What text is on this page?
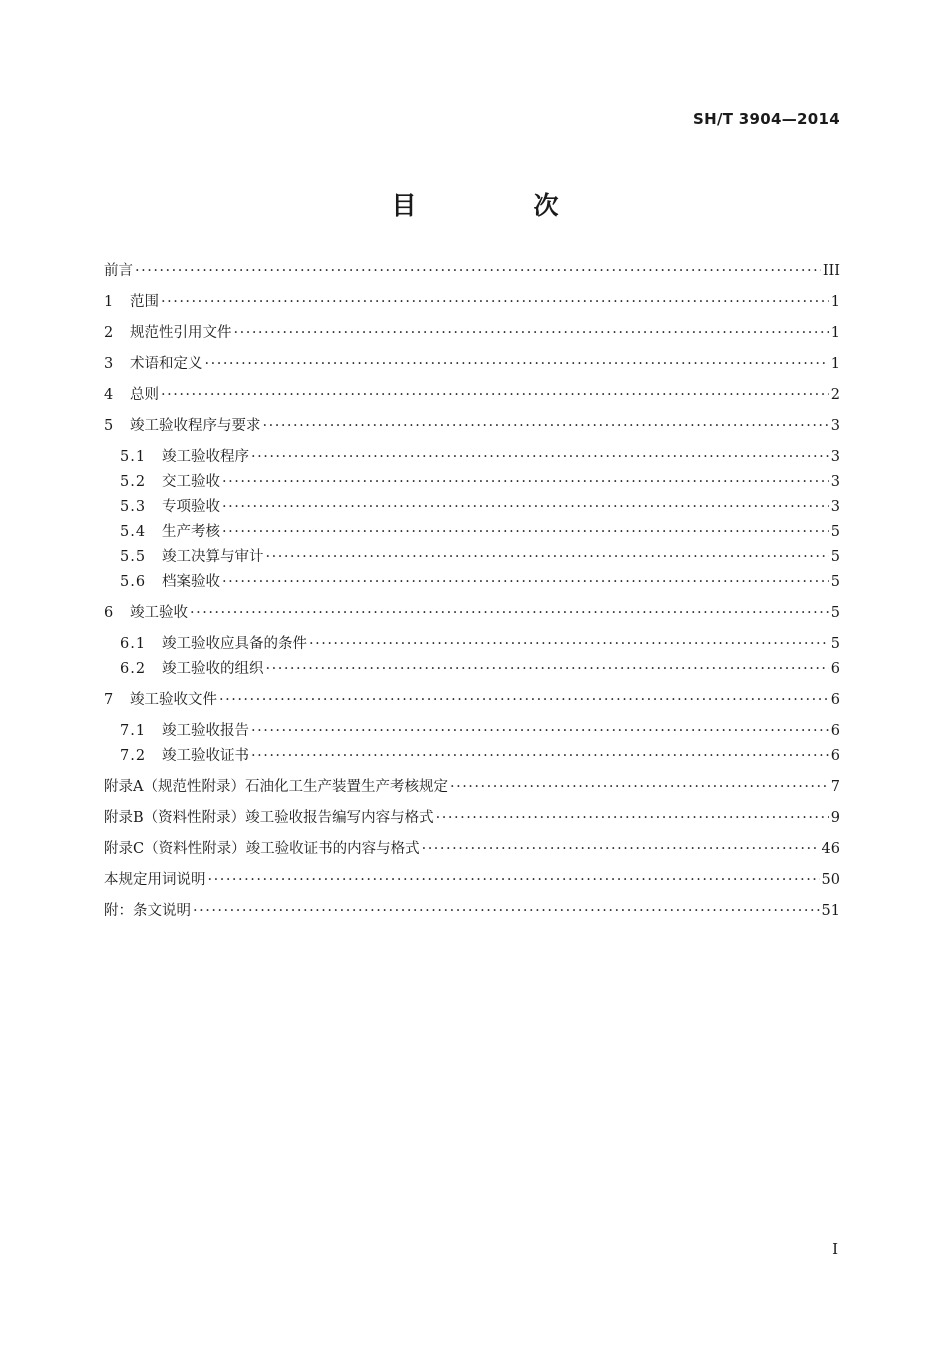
SH/T 3904—2014
目　次
前言 ·····	III
1	范围 ·····	1
2	规范性引用文件 ·····	1
3	术语和定义 ·····	1
4	总则 ·····	2
5	竣工验收程序与要求 ·····	3
5.1	竣工验收程序 ·····	3
5.2	交工验收 ·····	3
5.3	专项验收 ·····	3
5.4	生产考核 ·····	5
5.5	竣工决算与审计 ·····	5
5.6	档案验收 ·····	5
6	竣工验收 ·····	5
6.1	竣工验收应具备的条件 ·····	5
6.2	竣工验收的组织 ·····	6
7	竣工验收文件 ·····	6
7.1	竣工验收报告 ·····	6
7.2	竣工验收证书 ·····	6
附录A（规范性附录）石油化工生产装置生产考核规定 ·····	7
附录B（资料性附录）竣工验收报告编写内容与格式 ·····	9
附录C（资料性附录）竣工验收证书的内容与格式 ·····	46
本规定用词说明 ·····	50
附：条文说明 ·····	51
I
